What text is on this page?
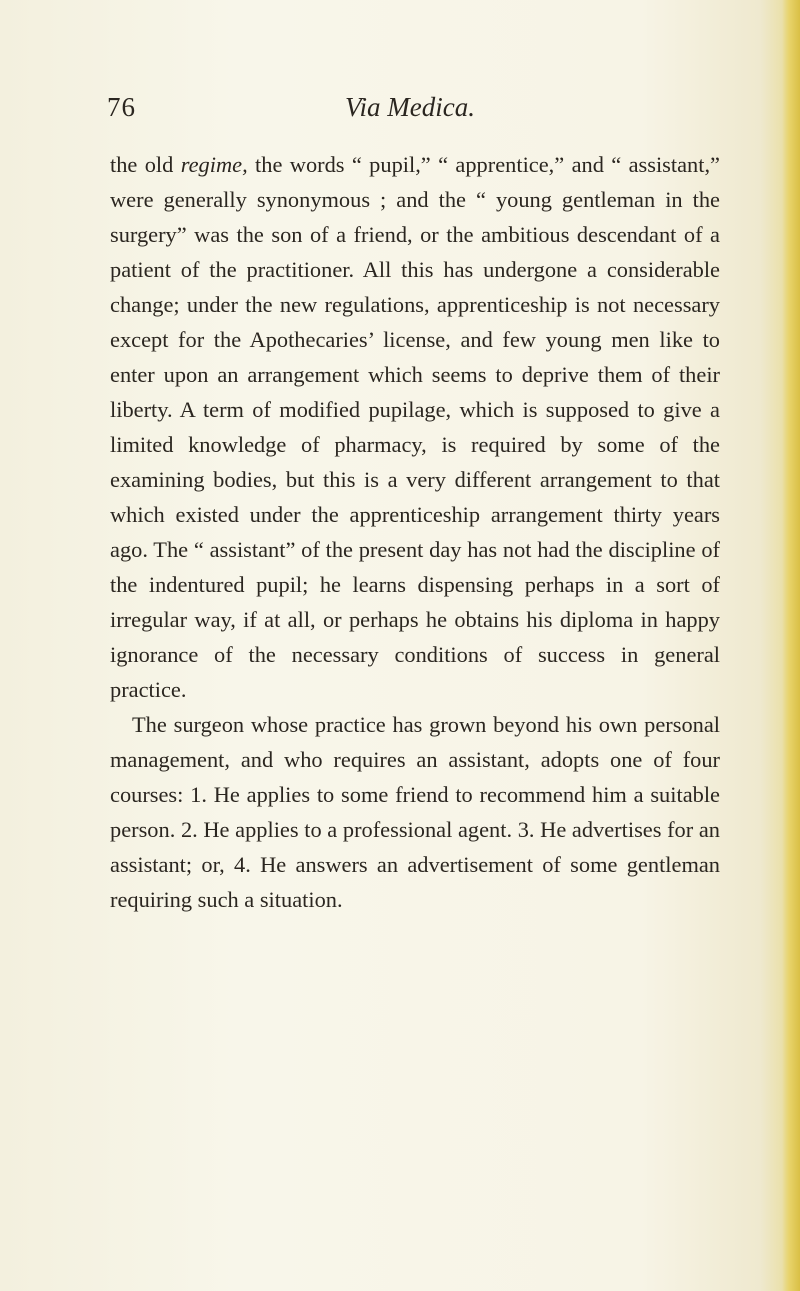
76	Via Medica.

the old regime, the words “ pupil,” “ apprentice,” and “ assistant,” were generally synonymous ; and the “ young gentleman in the surgery” was the son of a friend, or the ambitious descendant of a patient of the practitioner. All this has undergone a considerable change; under the new regulations, apprenticeship is not necessary except for the Apothecaries’ license, and few young men like to enter upon an arrangement which seems to deprive them of their liberty. A term of modified pupilage, which is supposed to give a limited knowledge of pharmacy, is required by some of the examining bodies, but this is a very different arrangement to that which existed under the apprenticeship arrangement thirty years ago. The “ assistant” of the present day has not had the discipline of the indentured pupil; he learns dispensing perhaps in a sort of irregular way, if at all, or perhaps he obtains his diploma in happy ignorance of the necessary conditions of success in general practice.

The surgeon whose practice has grown beyond his own personal management, and who requires an assistant, adopts one of four courses: 1. He applies to some friend to recommend him a suitable person. 2. He applies to a professional agent. 3. He advertises for an assistant; or, 4. He answers an advertisement of some gentleman requiring such a situation.
